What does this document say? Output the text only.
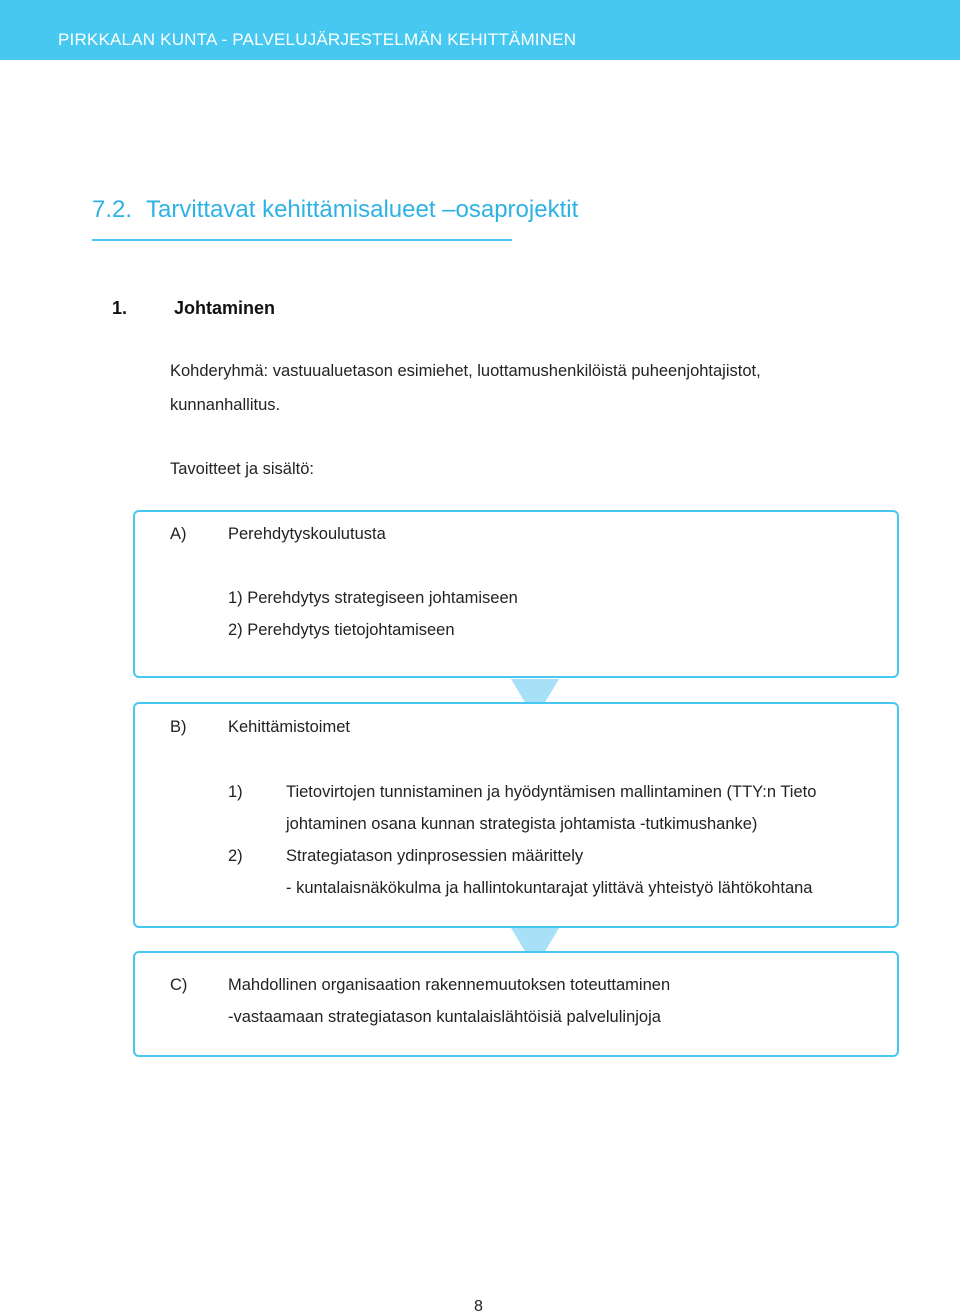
PIRKKALAN KUNTA - PALVELUJÄRJESTELMÄN KEHITTÄMINEN
7.2. Tarvittavat kehittämisalueet –osaprojektit
1.	Johtaminen
Kohderyhmä: vastuualuetason esimiehet, luottamushenkilöistä puheenjohtajistot,
kunnanhallitus.
Tavoitteet ja sisältö:
A)	Perehdytyskoulutusta
1) Perehdytys strategiseen johtamiseen
2) Perehdytys tietojohtamiseen
B)	Kehittämistoimet
1)	Tietovirtojen tunnistaminen ja hyödyntämisen mallintaminen (TTY:n Tieto
johtaminen osana kunnan strategista johtamista -tutkimushanke)
2)	Strategiatason ydinprosessien määrittely
- kuntalaisnäkökulma ja hallintokuntarajat ylittävä yhteistyö lähtökohtana
C) Mahdollinen organisaation rakennemuutoksen toteuttaminen
-vastaamaan strategiatason kuntalaislähtöisiä palvelulinjoja
8
